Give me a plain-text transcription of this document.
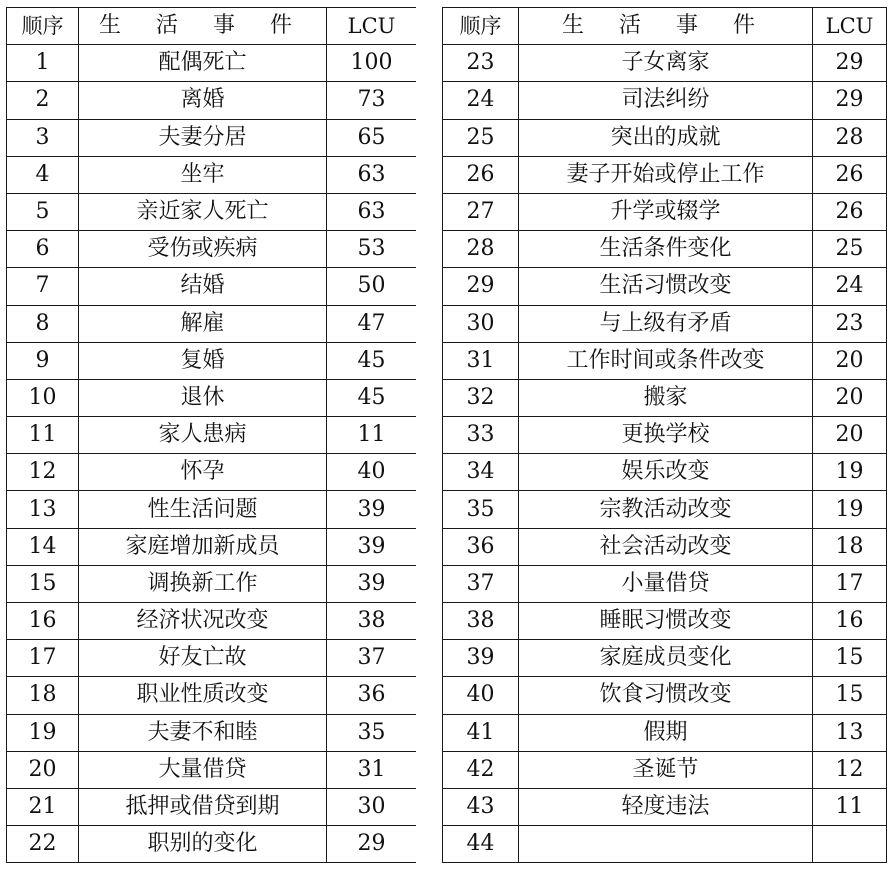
顺序	生 活 事 件	LCU
1	配偶死亡	100
2	离婚	73
3	夫妻分居	65
4	坐牢	63
5	亲近家人死亡	63
6	受伤或疾病	53
7	结婚	50
8	解雇	47
9	复婚	45
10	退休	45
11	家人患病	11
12	怀孕	40
13	性生活问题	39
14	家庭增加新成员	39
15	调换新工作	39
16	经济状况改变	38
17	好友亡故	37
18	职业性质改变	36
19	夫妻不和睦	35
20	大量借贷	31
21	抵押或借贷到期	30
22	职别的变化	29
顺序	生 活 事 件	LCU
23	子女离家	29
24	司法纠纷	29
25	突出的成就	28
26	妻子开始或停止工作	26
27	升学或辍学	26
28	生活条件变化	25
29	生活习惯改变	24
30	与上级有矛盾	23
31	工作时间或条件改变	20
32	搬家	20
33	更换学校	20
34	娱乐改变	19
35	宗教活动改变	19
36	社会活动改变	18
37	小量借贷	17
38	睡眠习惯改变	16
39	家庭成员变化	15
40	饮食习惯改变	15
41	假期	13
42	圣诞节	12
43	轻度违法	11
44		
